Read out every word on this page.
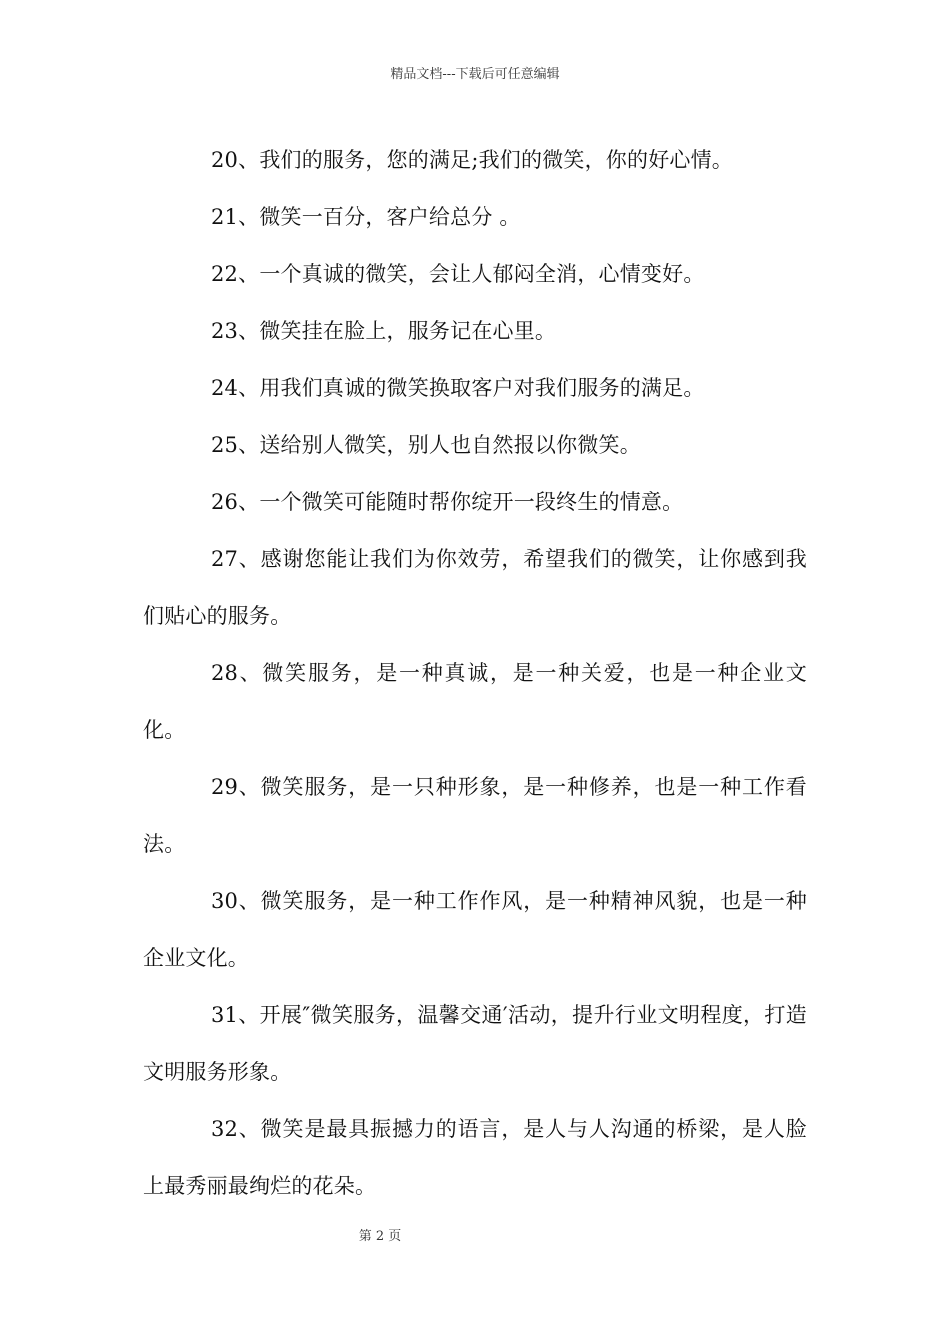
精品文档---下载后可任意编辑

20、我们的服务，您的满足;我们的微笑，你的好心情。

21、微笑一百分，客户给总分 。

22、一个真诚的微笑，会让人郁闷全消，心情变好。

23、微笑挂在脸上，服务记在心里。

24、用我们真诚的微笑换取客户对我们服务的满足。

25、送给别人微笑，别人也自然报以你微笑。

26、一个微笑可能随时帮你绽开一段终生的情意。

27、感谢您能让我们为你效劳，希望我们的微笑，让你感到我们贴心的服务。

28、微笑服务，是一种真诚，是一种关爱，也是一种企业文化。

29、微笑服务，是一只种形象，是一种修养，也是一种工作看法。

30、微笑服务，是一种工作作风，是一种精神风貌，也是一种企业文化。

31、开展″微笑服务，温馨交通′活动，提升行业文明程度，打造文明服务形象。

32、微笑是最具振撼力的语言，是人与人沟通的桥梁，是人脸上最秀丽最绚烂的花朵。

第 2 页
